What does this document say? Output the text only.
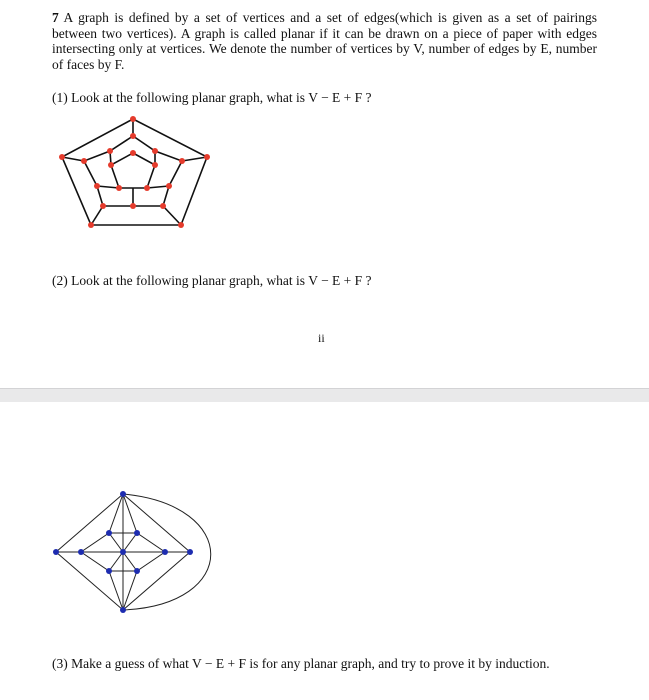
7 A graph is defined by a set of vertices and a set of edges(which is given as a set of pairings between two vertices). A graph is called planar if it can be drawn on a piece of paper with edges intersecting only at vertices. We denote the number of vertices by V, number of edges by E, number of faces by F.

(1) Look at the following planar graph, what is V − E + F ?
(2) Look at the following planar graph, what is V − E + F ?
ii

(3) Make a guess of what V − E + F is for any planar graph, and try to prove it by induction.
